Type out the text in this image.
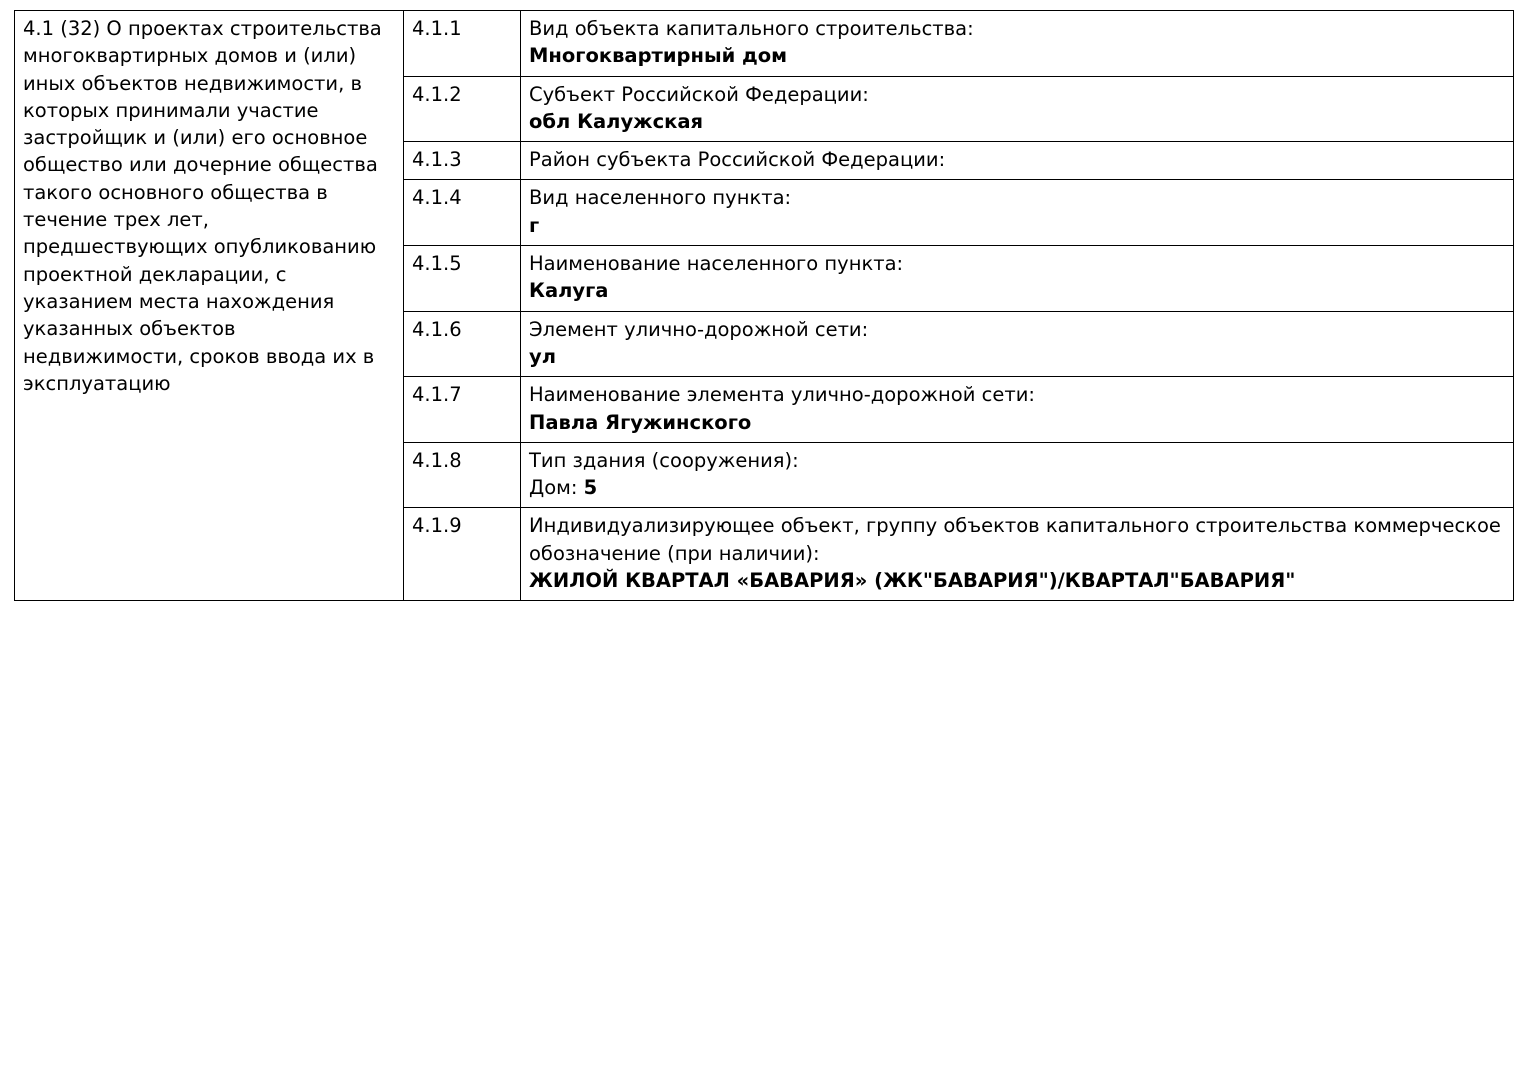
4.1 (32) О проектах строительства многоквартирных домов и (или) иных объектов недвижимости, в которых принимали участие застройщик и (или) его основное общество или дочерние общества такого основного общества в течение трех лет, предшествующих опубликованию проектной декларации, с указанием места нахождения указанных объектов недвижимости, сроков ввода их в эксплуатацию	4.1.1	Вид объекта капитального строительства:
Многоквартирный дом

	4.1.2	Субъект Российской Федерации:
обл Калужская

	4.1.3	Район субъекта Российской Федерации:

	4.1.4	Вид населенного пункта:
г

	4.1.5	Наименование населенного пункта:
Калуга

	4.1.6	Элемент улично-дорожной сети:
ул

	4.1.7	Наименование элемента улично-дорожной сети:
Павла Ягужинского

	4.1.8	Тип здания (сооружения):
Дом: 5

	4.1.9	Индивидуализирующее объект, группу объектов капитального строительства коммерческое обозначение (при наличии):
ЖИЛОЙ КВАРТАЛ «БАВАРИЯ» (ЖК"БАВАРИЯ")/КВАРТАЛ"БАВАРИЯ"
